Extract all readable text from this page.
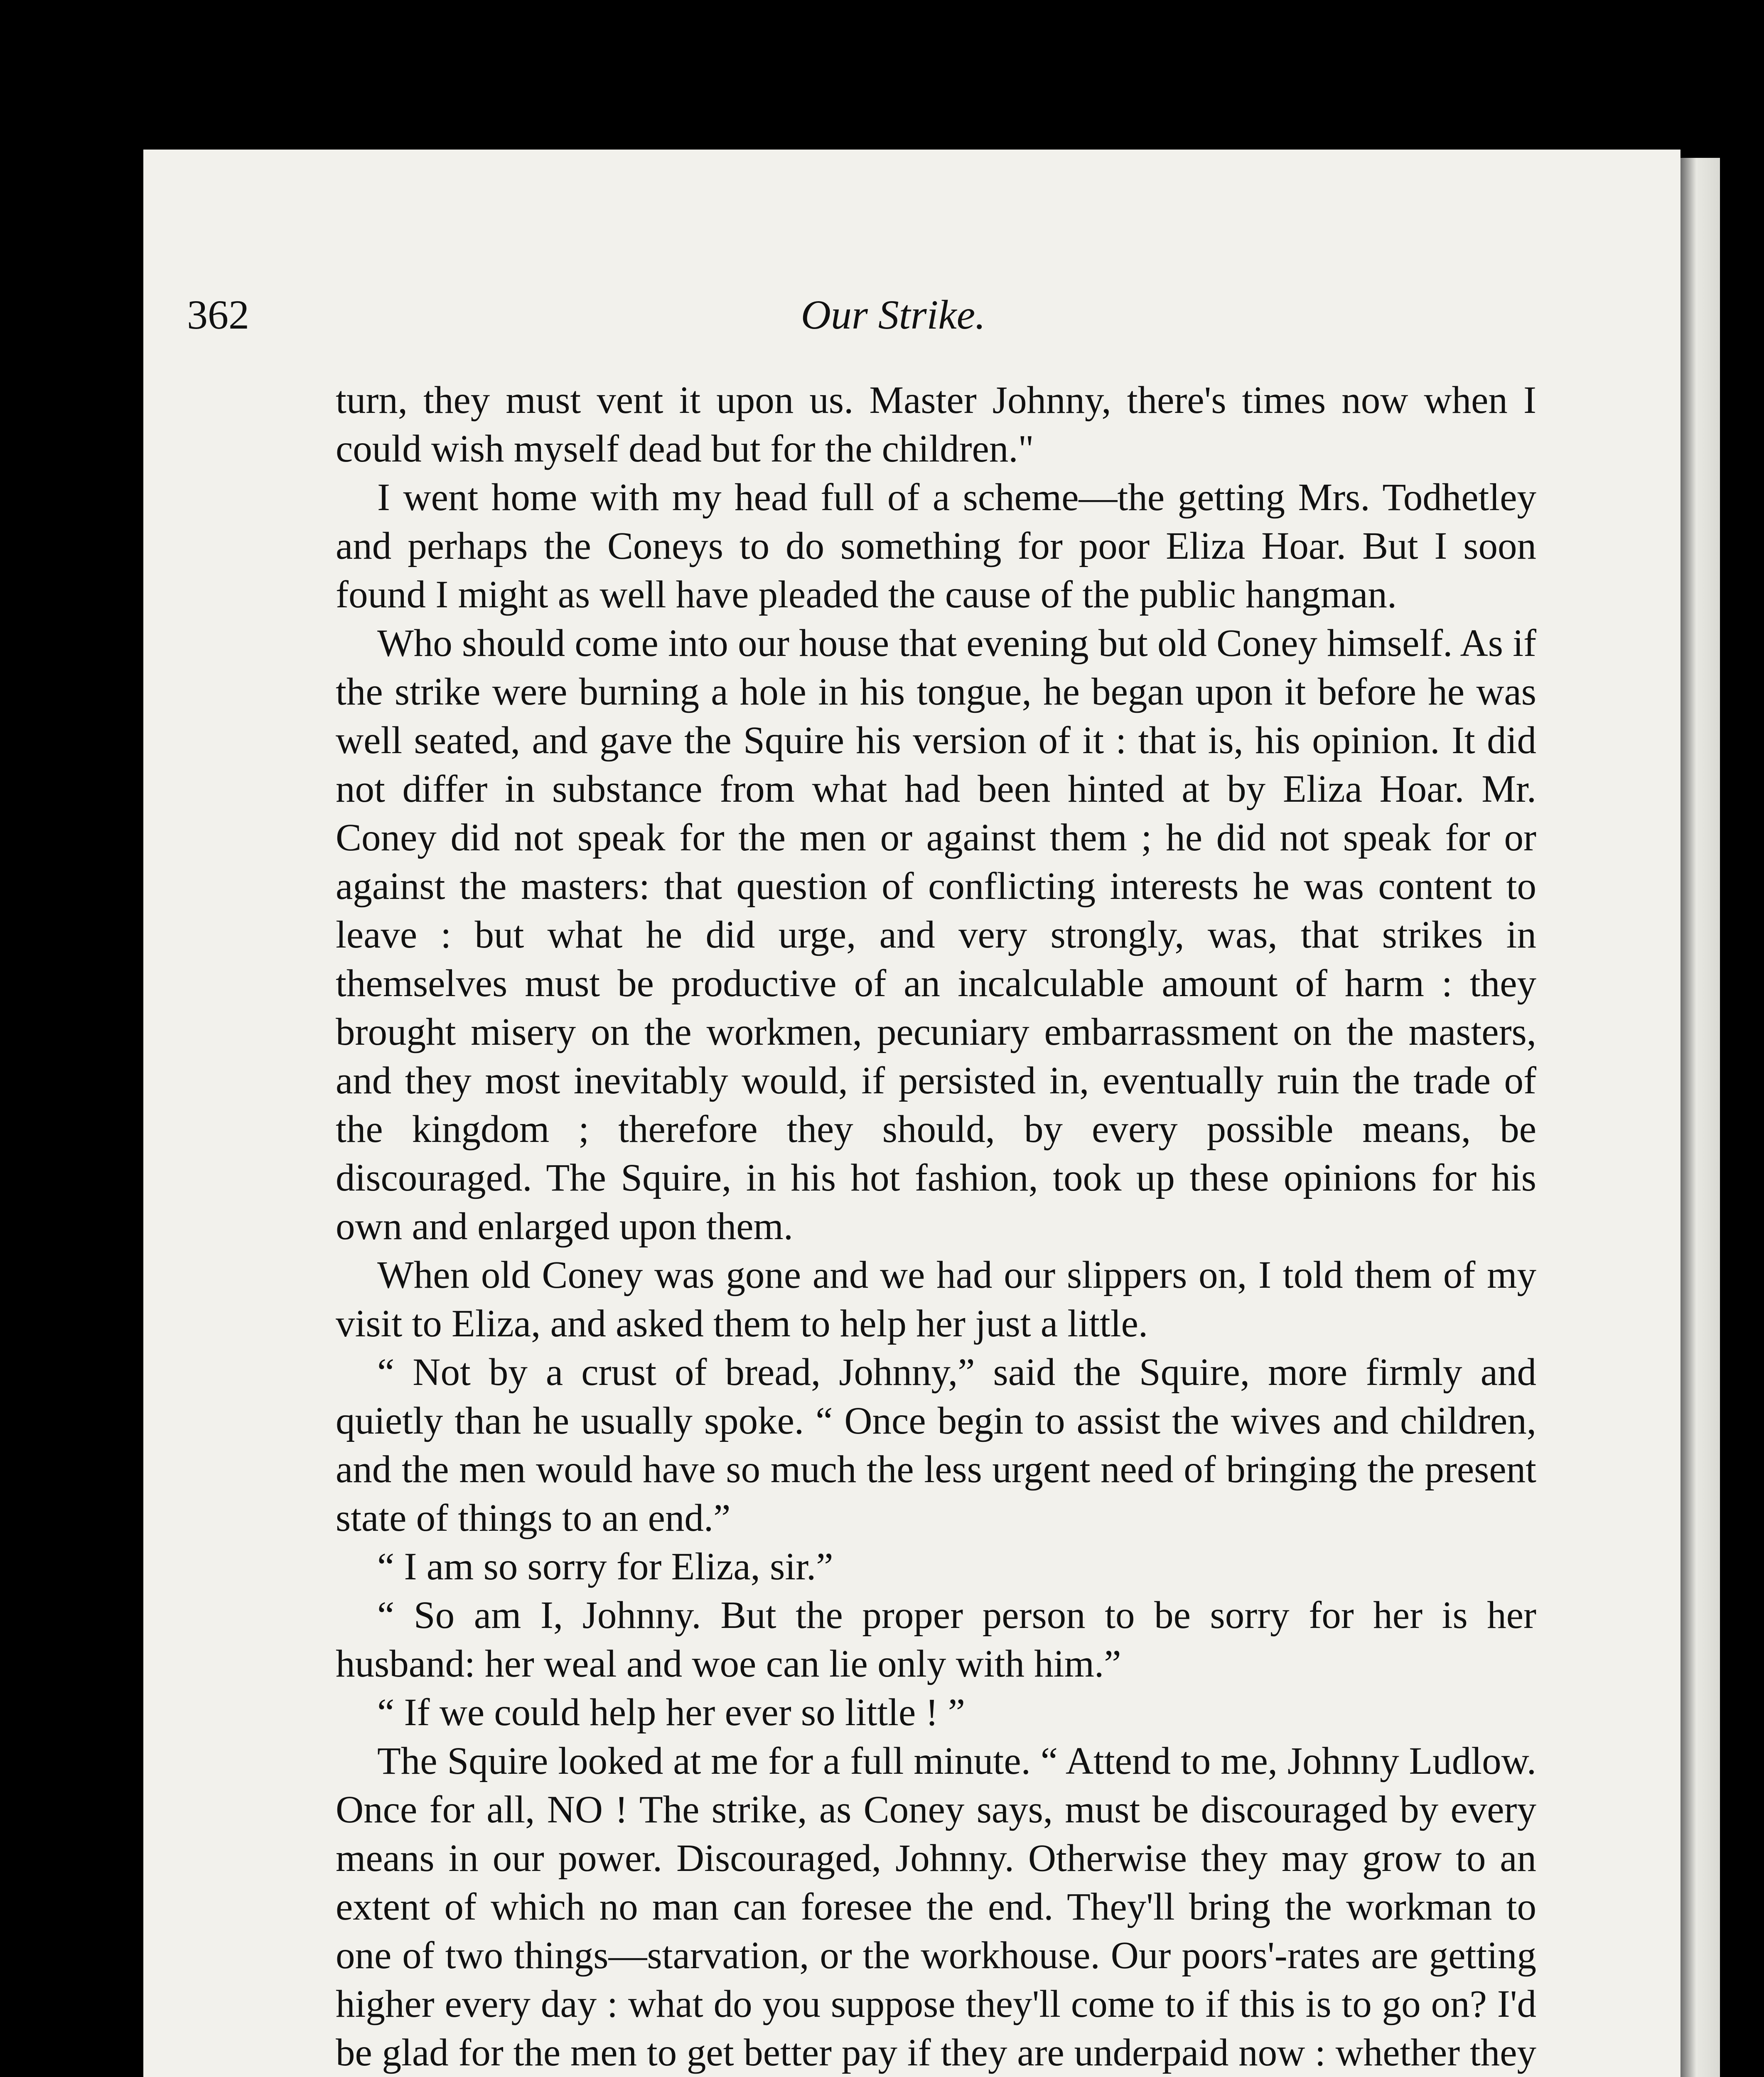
362	Our Strike.

turn, they must vent it upon us. Master Johnny, there's times now when I could wish myself dead but for the children."

I went home with my head full of a scheme—the getting Mrs. Todhetley and perhaps the Coneys to do something for poor Eliza Hoar. But I soon found I might as well have pleaded the cause of the public hangman.

Who should come into our house that evening but old Coney himself. As if the strike were burning a hole in his tongue, he began upon it before he was well seated, and gave the Squire his version of it : that is, his opinion. It did not differ in substance from what had been hinted at by Eliza Hoar. Mr. Coney did not speak for the men or against them ; he did not speak for or against the masters: that question of conflicting interests he was content to leave : but what he did urge, and very strongly, was, that strikes in themselves must be productive of an incalculable amount of harm : they brought misery on the workmen, pecuniary embarrassment on the masters, and they most inevitably would, if persisted in, eventually ruin the trade of the kingdom ; therefore they should, by every possible means, be discouraged. The Squire, in his hot fashion, took up these opinions for his own and enlarged upon them.

When old Coney was gone and we had our slippers on, I told them of my visit to Eliza, and asked them to help her just a little.

“ Not by a crust of bread, Johnny,” said the Squire, more firmly and quietly than he usually spoke. “ Once begin to assist the wives and children, and the men would have so much the less urgent need of bringing the present state of things to an end.”

“ I am so sorry for Eliza, sir.”

“ So am I, Johnny. But the proper person to be sorry for her is her husband: her weal and woe can lie only with him.”

“ If we could help her ever so little ! ”

The Squire looked at me for a full minute. “ Attend to me, Johnny Ludlow. Once for all, NO ! The strike, as Coney says, must be discouraged by every means in our power. Discouraged, Johnny. Otherwise they may grow to an extent of which no man can foresee the end. They'll bring the workman to one of two things—starvation, or the workhouse. Our poors'-rates are getting higher every day : what do you suppose they'll come to if this is to go on? I'd be glad for the men to get better pay if they are underpaid now : whether they
